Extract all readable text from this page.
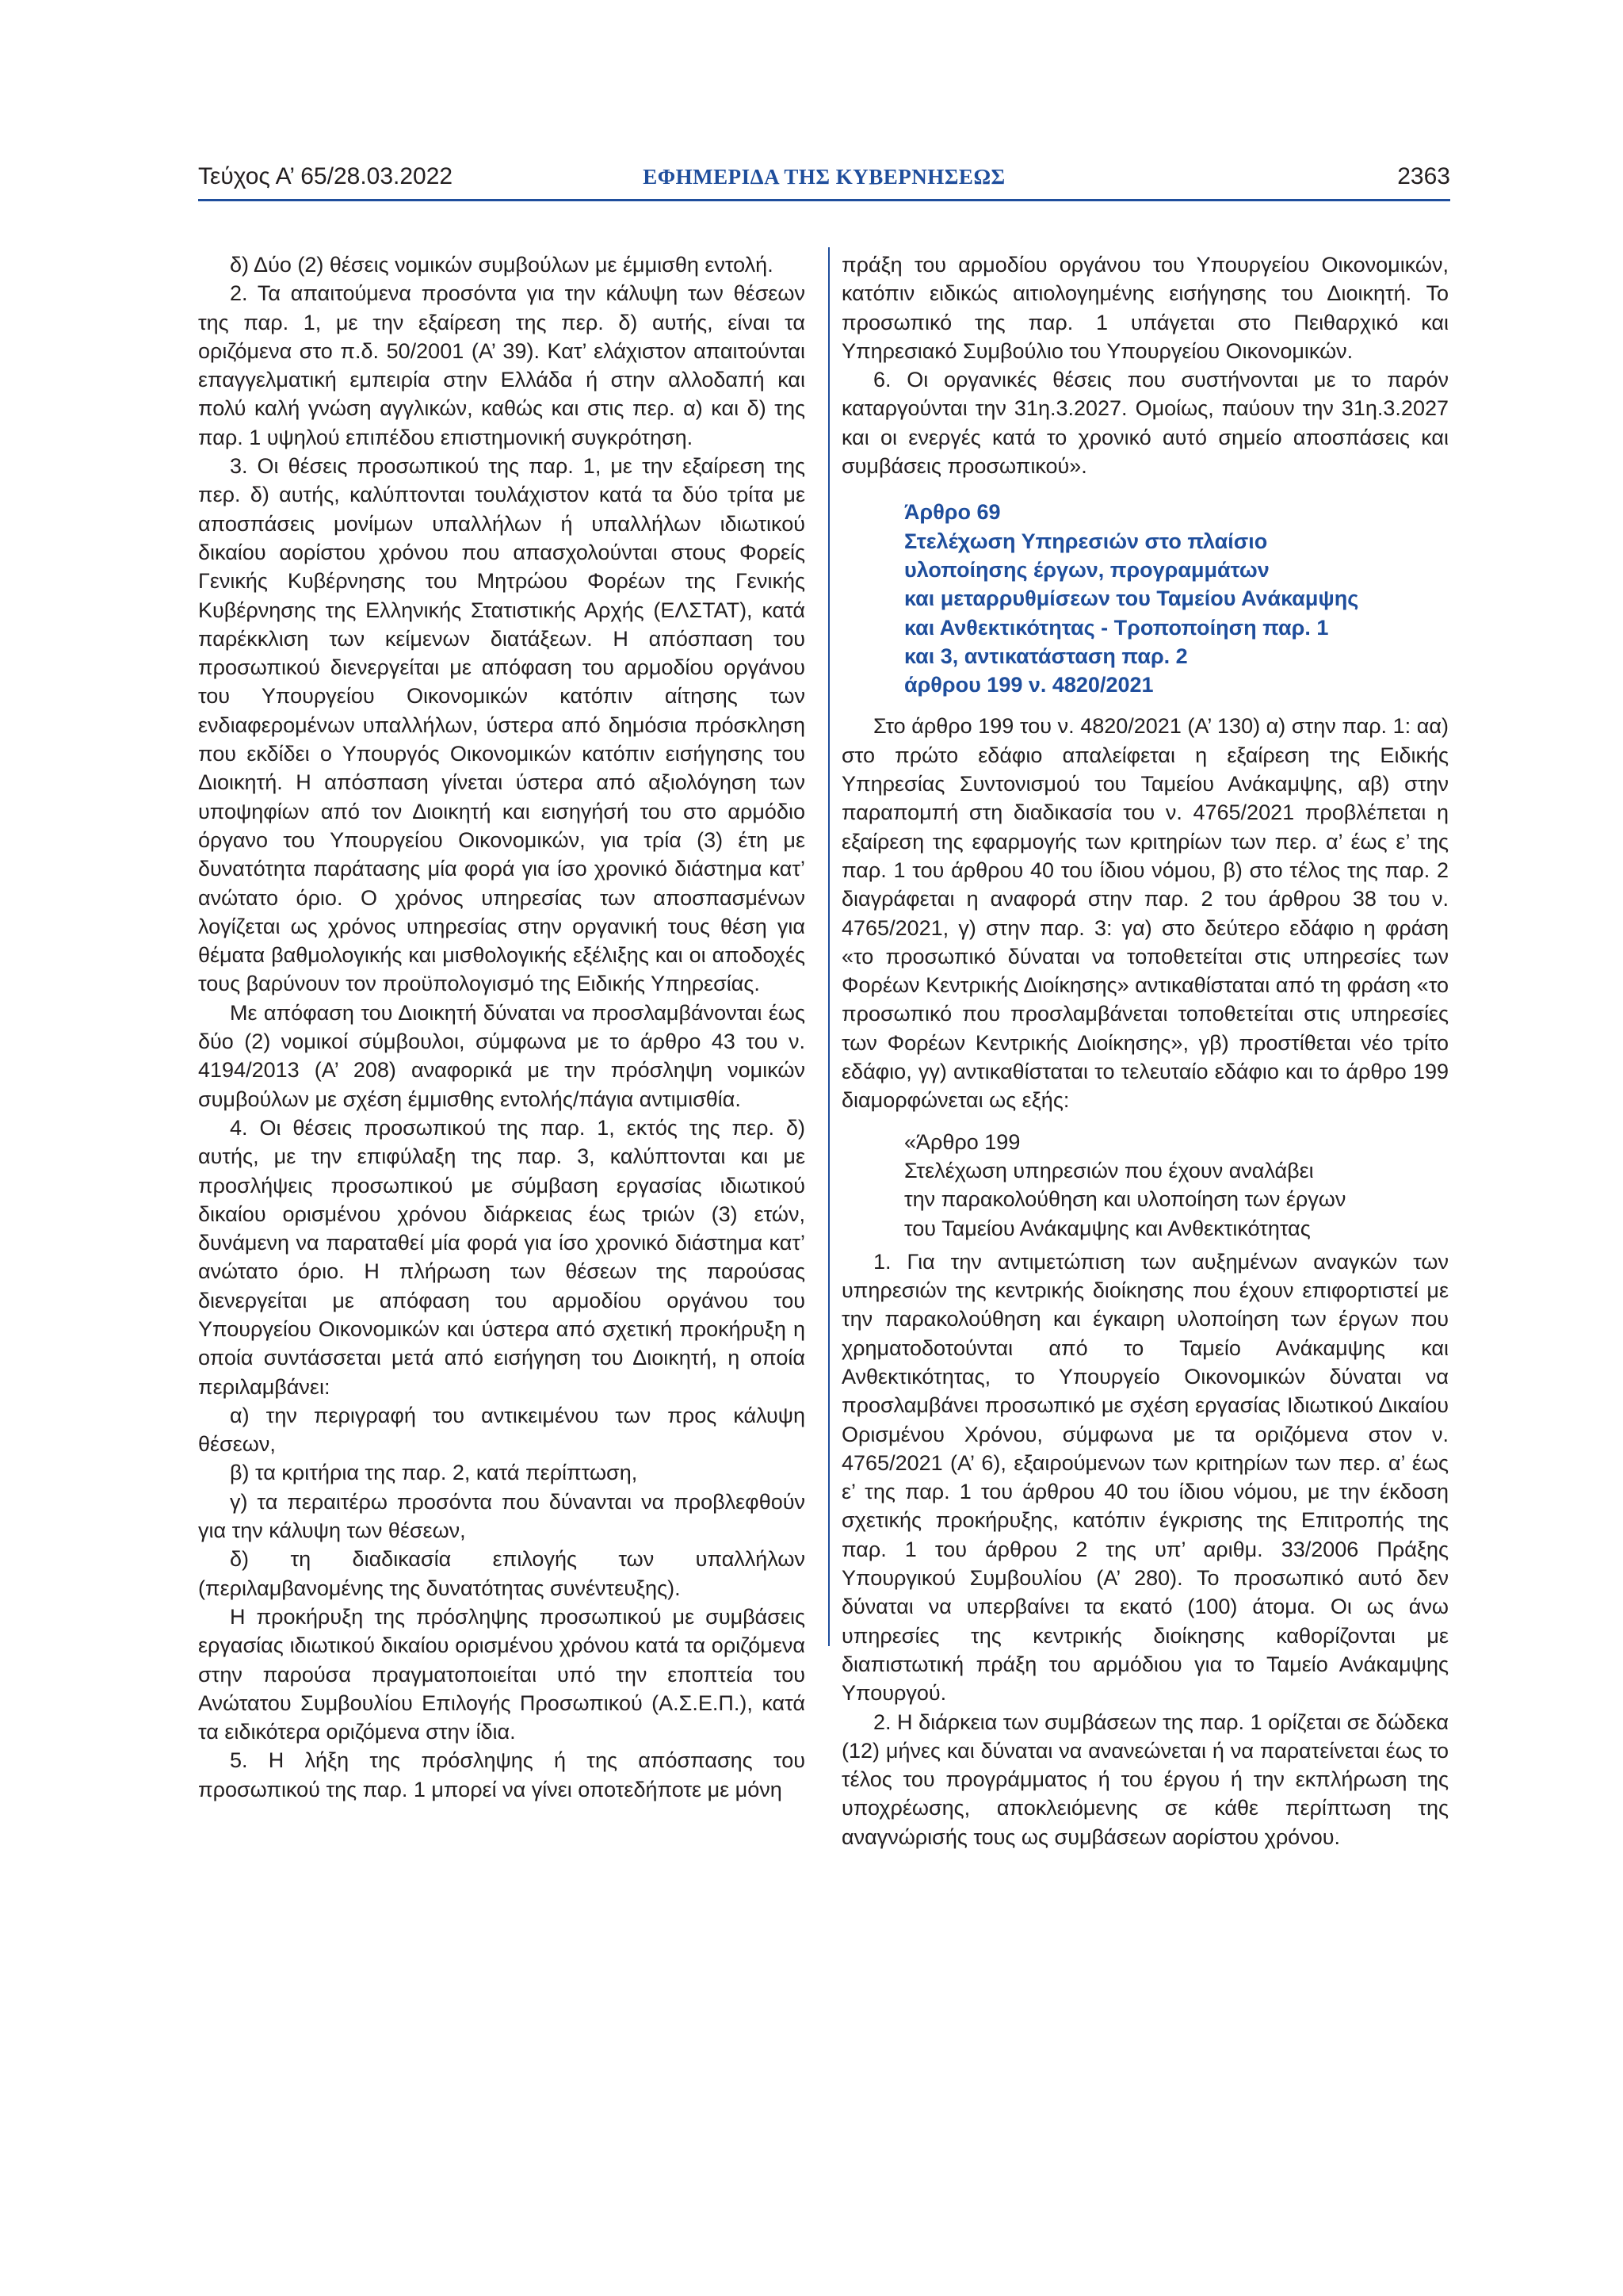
Τεύχος Α’ 65/28.03.2022	ΕΦΗΜΕΡΙΔΑ ΤΗΣ ΚΥΒΕΡΝΗΣΕΩΣ	2363

δ) Δύο (2) θέσεις νομικών συμβούλων με έμμισθη εντολή.

2. Τα απαιτούμενα προσόντα για την κάλυψη των θέσεων της παρ. 1, με την εξαίρεση της περ. δ) αυτής, είναι τα οριζόμενα στο π.δ. 50/2001 (Α’ 39). Κατ’ ελάχιστον απαιτούνται επαγγελματική εμπειρία στην Ελλάδα ή στην αλλοδαπή και πολύ καλή γνώση αγγλικών, καθώς και στις περ. α) και δ) της παρ. 1 υψηλού επιπέδου επιστημονική συγκρότηση.

3. Οι θέσεις προσωπικού της παρ. 1, με την εξαίρεση της περ. δ) αυτής, καλύπτονται τουλάχιστον κατά τα δύο τρίτα με αποσπάσεις μονίμων υπαλλήλων ή υπαλλήλων ιδιωτικού δικαίου αορίστου χρόνου που απασχολούνται στους Φορείς Γενικής Κυβέρνησης του Μητρώου Φορέων της Γενικής Κυβέρνησης της Ελληνικής Στατιστικής Αρχής (ΕΛΣΤΑΤ), κατά παρέκκλιση των κείμενων διατάξεων. Η απόσπαση του προσωπικού διενεργείται με απόφαση του αρμοδίου οργάνου του Υπουργείου Οικονομικών κατόπιν αίτησης των ενδιαφερομένων υπαλλήλων, ύστερα από δημόσια πρόσκληση που εκδίδει ο Υπουργός Οικονομικών κατόπιν εισήγησης του Διοικητή. Η απόσπαση γίνεται ύστερα από αξιολόγηση των υποψηφίων από τον Διοικητή και εισηγήσή του στο αρμόδιο όργανο του Υπουργείου Οικονομικών, για τρία (3) έτη με δυνατότητα παράτασης μία φορά για ίσο χρονικό διάστημα κατ’ ανώτατο όριο. Ο χρόνος υπηρεσίας των αποσπασμένων λογίζεται ως χρόνος υπηρεσίας στην οργανική τους θέση για θέματα βαθμολογικής και μισθολογικής εξέλιξης και οι αποδοχές τους βαρύνουν τον προϋπολογισμό της Ειδικής Υπηρεσίας.

Με απόφαση του Διοικητή δύναται να προσλαμβάνονται έως δύο (2) νομικοί σύμβουλοι, σύμφωνα με το άρθρο 43 του ν. 4194/2013 (Α’ 208) αναφορικά με την πρόσληψη νομικών συμβούλων με σχέση έμμισθης εντολής/πάγια αντιμισθία.

4. Οι θέσεις προσωπικού της παρ. 1, εκτός της περ. δ) αυτής, με την επιφύλαξη της παρ. 3, καλύπτονται και με προσλήψεις προσωπικού με σύμβαση εργασίας ιδιωτικού δικαίου ορισμένου χρόνου διάρκειας έως τριών (3) ετών, δυνάμενη να παραταθεί μία φορά για ίσο χρονικό διάστημα κατ’ ανώτατο όριο. Η πλήρωση των θέσεων της παρούσας διενεργείται με απόφαση του αρμοδίου οργάνου του Υπουργείου Οικονομικών και ύστερα από σχετική προκήρυξη η οποία συντάσσεται μετά από εισήγηση του Διοικητή, η οποία περιλαμβάνει:

α) την περιγραφή του αντικειμένου των προς κάλυψη θέσεων,

β) τα κριτήρια της παρ. 2, κατά περίπτωση,

γ) τα περαιτέρω προσόντα που δύνανται να προβλεφθούν για την κάλυψη των θέσεων,

δ) τη διαδικασία επιλογής των υπαλλήλων (περιλαμβανομένης της δυνατότητας συνέντευξης).

Η προκήρυξη της πρόσληψης προσωπικού με συμβάσεις εργασίας ιδιωτικού δικαίου ορισμένου χρόνου κατά τα οριζόμενα στην παρούσα πραγματοποιείται υπό την εποπτεία του Ανώτατου Συμβουλίου Επιλογής Προσωπικού (Α.Σ.Ε.Π.), κατά τα ειδικότερα οριζόμενα στην ίδια.

5. Η λήξη της πρόσληψης ή της απόσπασης του προσωπικού της παρ. 1 μπορεί να γίνει οποτεδήποτε με μόνη

πράξη του αρμοδίου οργάνου του Υπουργείου Οικονομικών, κατόπιν ειδικώς αιτιολογημένης εισήγησης του Διοικητή. Το προσωπικό της παρ. 1 υπάγεται στο Πειθαρχικό και Υπηρεσιακό Συμβούλιο του Υπουργείου Οικονομικών.

6. Οι οργανικές θέσεις που συστήνονται με το παρόν καταργούνται την 31η.3.2027. Ομοίως, παύουν την 31η.3.2027 και οι ενεργές κατά το χρονικό αυτό σημείο αποσπάσεις και συμβάσεις προσωπικού».

Άρθρο 69
Στελέχωση Υπηρεσιών στο πλαίσιο
υλοποίησης έργων, προγραμμάτων
και μεταρρυθμίσεων του Ταμείου Ανάκαμψης
και Ανθεκτικότητας - Τροποποίηση παρ. 1
και 3, αντικατάσταση παρ. 2
άρθρου 199 ν. 4820/2021

Στο άρθρο 199 του ν. 4820/2021 (Α’ 130) α) στην παρ. 1: αα) στο πρώτο εδάφιο απαλείφεται η εξαίρεση της Ειδικής Υπηρεσίας Συντονισμού του Ταμείου Ανάκαμψης, αβ) στην παραπομπή στη διαδικασία του ν. 4765/2021 προβλέπεται η εξαίρεση της εφαρμογής των κριτηρίων των περ. α’ έως ε’ της παρ. 1 του άρθρου 40 του ίδιου νόμου, β) στο τέλος της παρ. 2 διαγράφεται η αναφορά στην παρ. 2 του άρθρου 38 του ν. 4765/2021, γ) στην παρ. 3: γα) στο δεύτερο εδάφιο η φράση «το προσωπικό δύναται να τοποθετείται στις υπηρεσίες των Φορέων Κεντρικής Διοίκησης» αντικαθίσταται από τη φράση «το προσωπικό που προσλαμβάνεται τοποθετείται στις υπηρεσίες των Φορέων Κεντρικής Διοίκησης», γβ) προστίθεται νέο τρίτο εδάφιο, γγ) αντικαθίσταται το τελευταίο εδάφιο και το άρθρο 199 διαμορφώνεται ως εξής:

«Άρθρο 199
Στελέχωση υπηρεσιών που έχουν αναλάβει
την παρακολούθηση και υλοποίηση των έργων
του Ταμείου Ανάκαμψης και Ανθεκτικότητας

1. Για την αντιμετώπιση των αυξημένων αναγκών των υπηρεσιών της κεντρικής διοίκησης που έχουν επιφορτιστεί με την παρακολούθηση και έγκαιρη υλοποίηση των έργων που χρηματοδοτούνται από το Ταμείο Ανάκαμψης και Ανθεκτικότητας, το Υπουργείο Οικονομικών δύναται να προσλαμβάνει προσωπικό με σχέση εργασίας Ιδιωτικού Δικαίου Ορισμένου Χρόνου, σύμφωνα με τα οριζόμενα στον ν. 4765/2021 (Α’ 6), εξαιρούμενων των κριτηρίων των περ. α’ έως ε’ της παρ. 1 του άρθρου 40 του ίδιου νόμου, με την έκδοση σχετικής προκήρυξης, κατόπιν έγκρισης της Επιτροπής της παρ. 1 του άρθρου 2 της υπ’ αριθμ. 33/2006 Πράξης Υπουργικού Συμβουλίου (Α’ 280). Το προσωπικό αυτό δεν δύναται να υπερβαίνει τα εκατό (100) άτομα. Οι ως άνω υπηρεσίες της κεντρικής διοίκησης καθορίζονται με διαπιστωτική πράξη του αρμόδιου για το Ταμείο Ανάκαμψης Υπουργού.

2. Η διάρκεια των συμβάσεων της παρ. 1 ορίζεται σε δώδεκα (12) μήνες και δύναται να ανανεώνεται ή να παρατείνεται έως το τέλος του προγράμματος ή του έργου ή την εκπλήρωση της υποχρέωσης, αποκλειόμενης σε κάθε περίπτωση της αναγνώρισής τους ως συμβάσεων αορίστου χρόνου.
